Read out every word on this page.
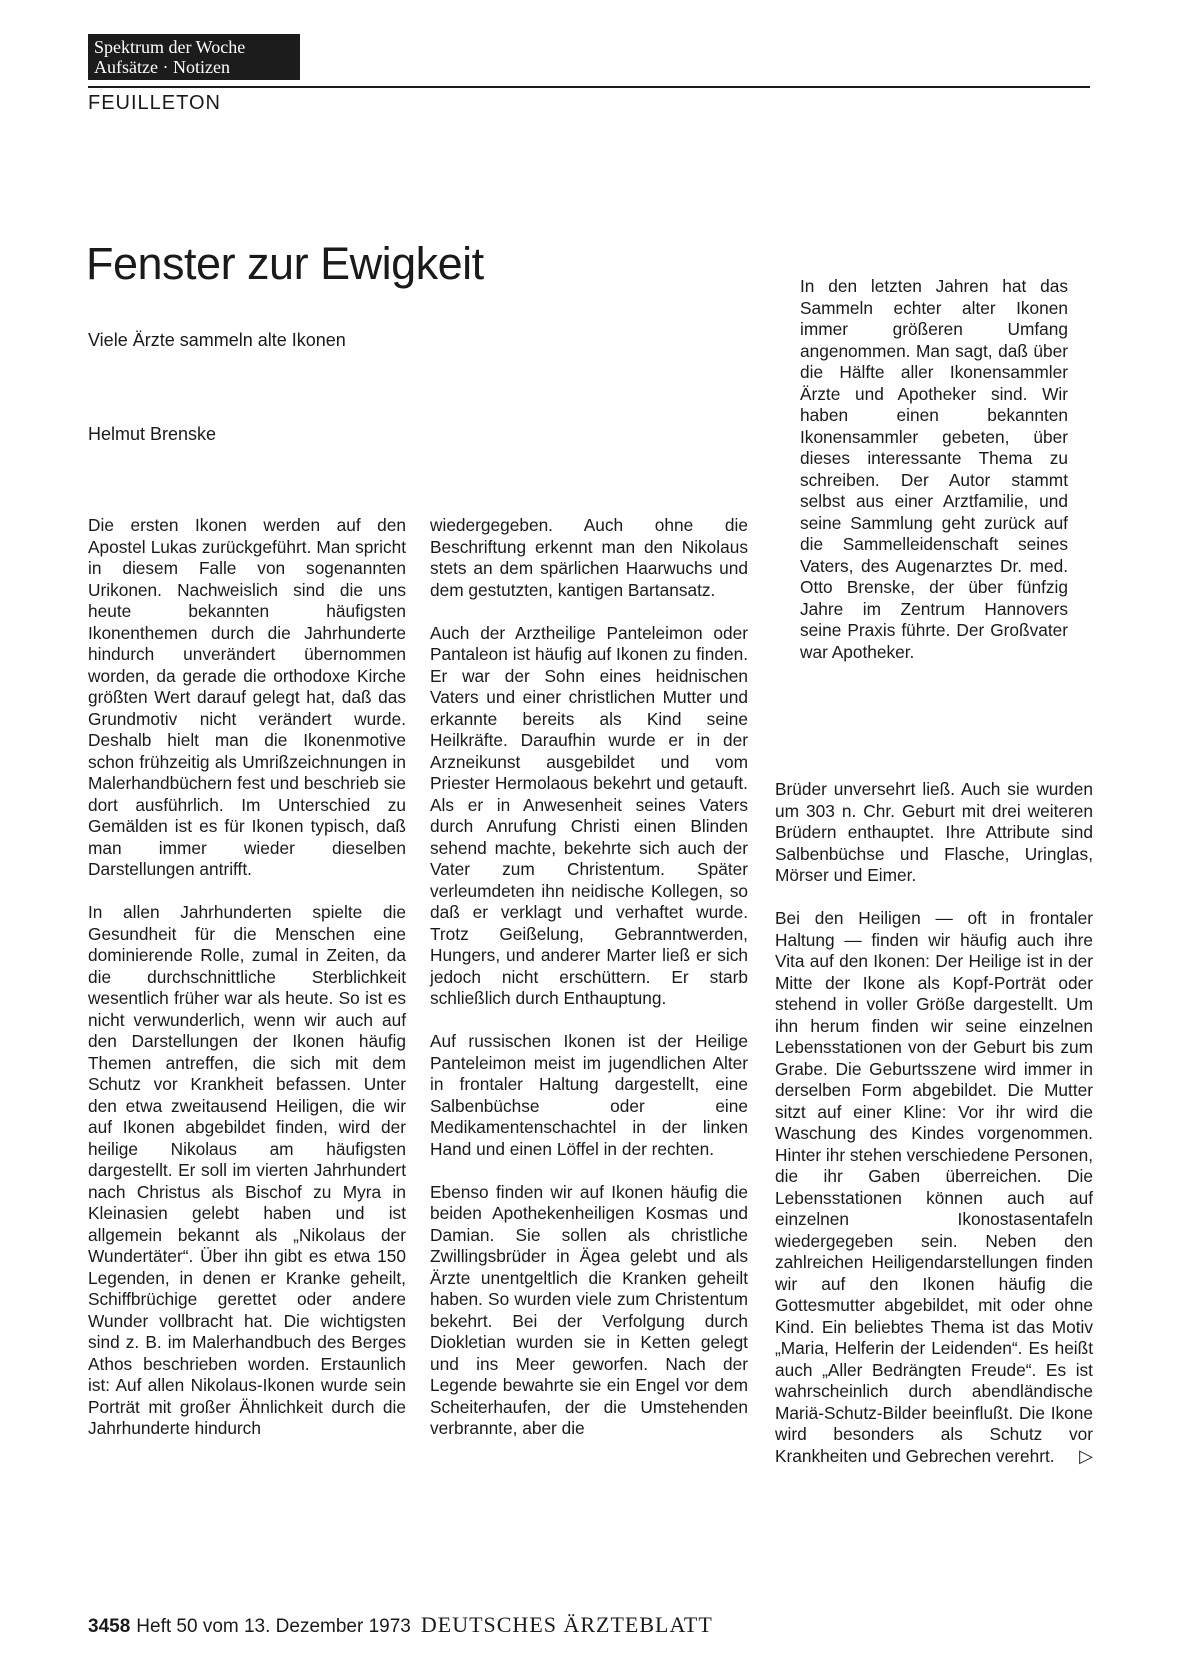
Spektrum der Woche
Aufsätze · Notizen
FEUILLETON
Fenster zur Ewigkeit
Viele Ärzte sammeln alte Ikonen
Helmut Brenske

In den letzten Jahren hat das Sammeln echter alter Ikonen immer größeren Umfang angenommen. Man sagt, daß über die Hälfte aller Ikonensammler Ärzte und Apotheker sind. Wir haben einen bekannten Ikonensammler gebeten, über dieses interessante Thema zu schreiben. Der Autor stammt selbst aus einer Arztfamilie, und seine Sammlung geht zurück auf die Sammelleidenschaft seines Vaters, des Augenarztes Dr. med. Otto Brenske, der über fünfzig Jahre im Zentrum Hannovers seine Praxis führte. Der Großvater war Apotheker.

Die ersten Ikonen werden auf den Apostel Lukas zurückgeführt. Man spricht in diesem Falle von sogenannten Urikonen. Nachweislich sind die uns heute bekannten häufigsten Ikonenthemen durch die Jahrhunderte hindurch unverändert übernommen worden, da gerade die orthodoxe Kirche größten Wert darauf gelegt hat, daß das Grundmotiv nicht verändert wurde. Deshalb hielt man die Ikonenmotive schon frühzeitig als Umrißzeichnungen in Malerhandbüchern fest und beschrieb sie dort ausführlich. Im Unterschied zu Gemälden ist es für Ikonen typisch, daß man immer wieder dieselben Darstellungen antrifft.

In allen Jahrhunderten spielte die Gesundheit für die Menschen eine dominierende Rolle, zumal in Zeiten, da die durchschnittliche Sterblichkeit wesentlich früher war als heute. So ist es nicht verwunderlich, wenn wir auch auf den Darstellungen der Ikonen häufig Themen antreffen, die sich mit dem Schutz vor Krankheit befassen. Unter den etwa zweitausend Heiligen, die wir auf Ikonen abgebildet finden, wird der heilige Nikolaus am häufigsten dargestellt. Er soll im vierten Jahrhundert nach Christus als Bischof zu Myra in Kleinasien gelebt haben und ist allgemein bekannt als „Nikolaus der Wundertäter“. Über ihn gibt es etwa 150 Legenden, in denen er Kranke geheilt, Schiffbrüchige gerettet oder andere Wunder vollbracht hat. Die wichtigsten sind z. B. im Malerhandbuch des Berges Athos beschrieben worden. Erstaunlich ist: Auf allen Nikolaus-Ikonen wurde sein Porträt mit großer Ähnlichkeit durch die Jahrhunderte hindurch

wiedergegeben. Auch ohne die Beschriftung erkennt man den Nikolaus stets an dem spärlichen Haarwuchs und dem gestutzten, kantigen Bartansatz.

Auch der Arztheilige Panteleimon oder Pantaleon ist häufig auf Ikonen zu finden. Er war der Sohn eines heidnischen Vaters und einer christlichen Mutter und erkannte bereits als Kind seine Heilkräfte. Daraufhin wurde er in der Arzneikunst ausgebildet und vom Priester Hermolaous bekehrt und getauft. Als er in Anwesenheit seines Vaters durch Anrufung Christi einen Blinden sehend machte, bekehrte sich auch der Vater zum Christentum. Später verleumdeten ihn neidische Kollegen, so daß er verklagt und verhaftet wurde. Trotz Geißelung, Gebranntwerden, Hungers, und anderer Marter ließ er sich jedoch nicht erschüttern. Er starb schließlich durch Enthauptung.

Auf russischen Ikonen ist der Heilige Panteleimon meist im jugendlichen Alter in frontaler Haltung dargestellt, eine Salbenbüchse oder eine Medikamentenschachtel in der linken Hand und einen Löffel in der rechten.

Ebenso finden wir auf Ikonen häufig die beiden Apothekenheiligen Kosmas und Damian. Sie sollen als christliche Zwillingsbrüder in Ägea gelebt und als Ärzte unentgeltlich die Kranken geheilt haben. So wurden viele zum Christentum bekehrt. Bei der Verfolgung durch Diokletian wurden sie in Ketten gelegt und ins Meer geworfen. Nach der Legende bewahrte sie ein Engel vor dem Scheiterhaufen, der die Umstehenden verbrannte, aber die

Brüder unversehrt ließ. Auch sie wurden um 303 n. Chr. Geburt mit drei weiteren Brüdern enthauptet. Ihre Attribute sind Salbenbüchse und Flasche, Uringlas, Mörser und Eimer.

Bei den Heiligen — oft in frontaler Haltung — finden wir häufig auch ihre Vita auf den Ikonen: Der Heilige ist in der Mitte der Ikone als Kopf-Porträt oder stehend in voller Größe dargestellt. Um ihn herum finden wir seine einzelnen Lebensstationen von der Geburt bis zum Grabe. Die Geburtsszene wird immer in derselben Form abgebildet. Die Mutter sitzt auf einer Kline: Vor ihr wird die Waschung des Kindes vorgenommen. Hinter ihr stehen verschiedene Personen, die ihr Gaben überreichen. Die Lebensstationen können auch auf einzelnen Ikonostasentafeln wiedergegeben sein. Neben den zahlreichen Heiligendarstellungen finden wir auf den Ikonen häufig die Gottesmutter abgebildet, mit oder ohne Kind. Ein beliebtes Thema ist das Motiv „Maria, Helferin der Leidenden“. Es heißt auch „Aller Bedrängten Freude“. Es ist wahrscheinlich durch abendländische Mariä-Schutz-Bilder beeinflußt. Die Ikone wird besonders als Schutz vor Krankheiten und Gebrechen verehrt. ▷

3458 Heft 50 vom 13. Dezember 1973 DEUTSCHES ÄRZTEBLATT
